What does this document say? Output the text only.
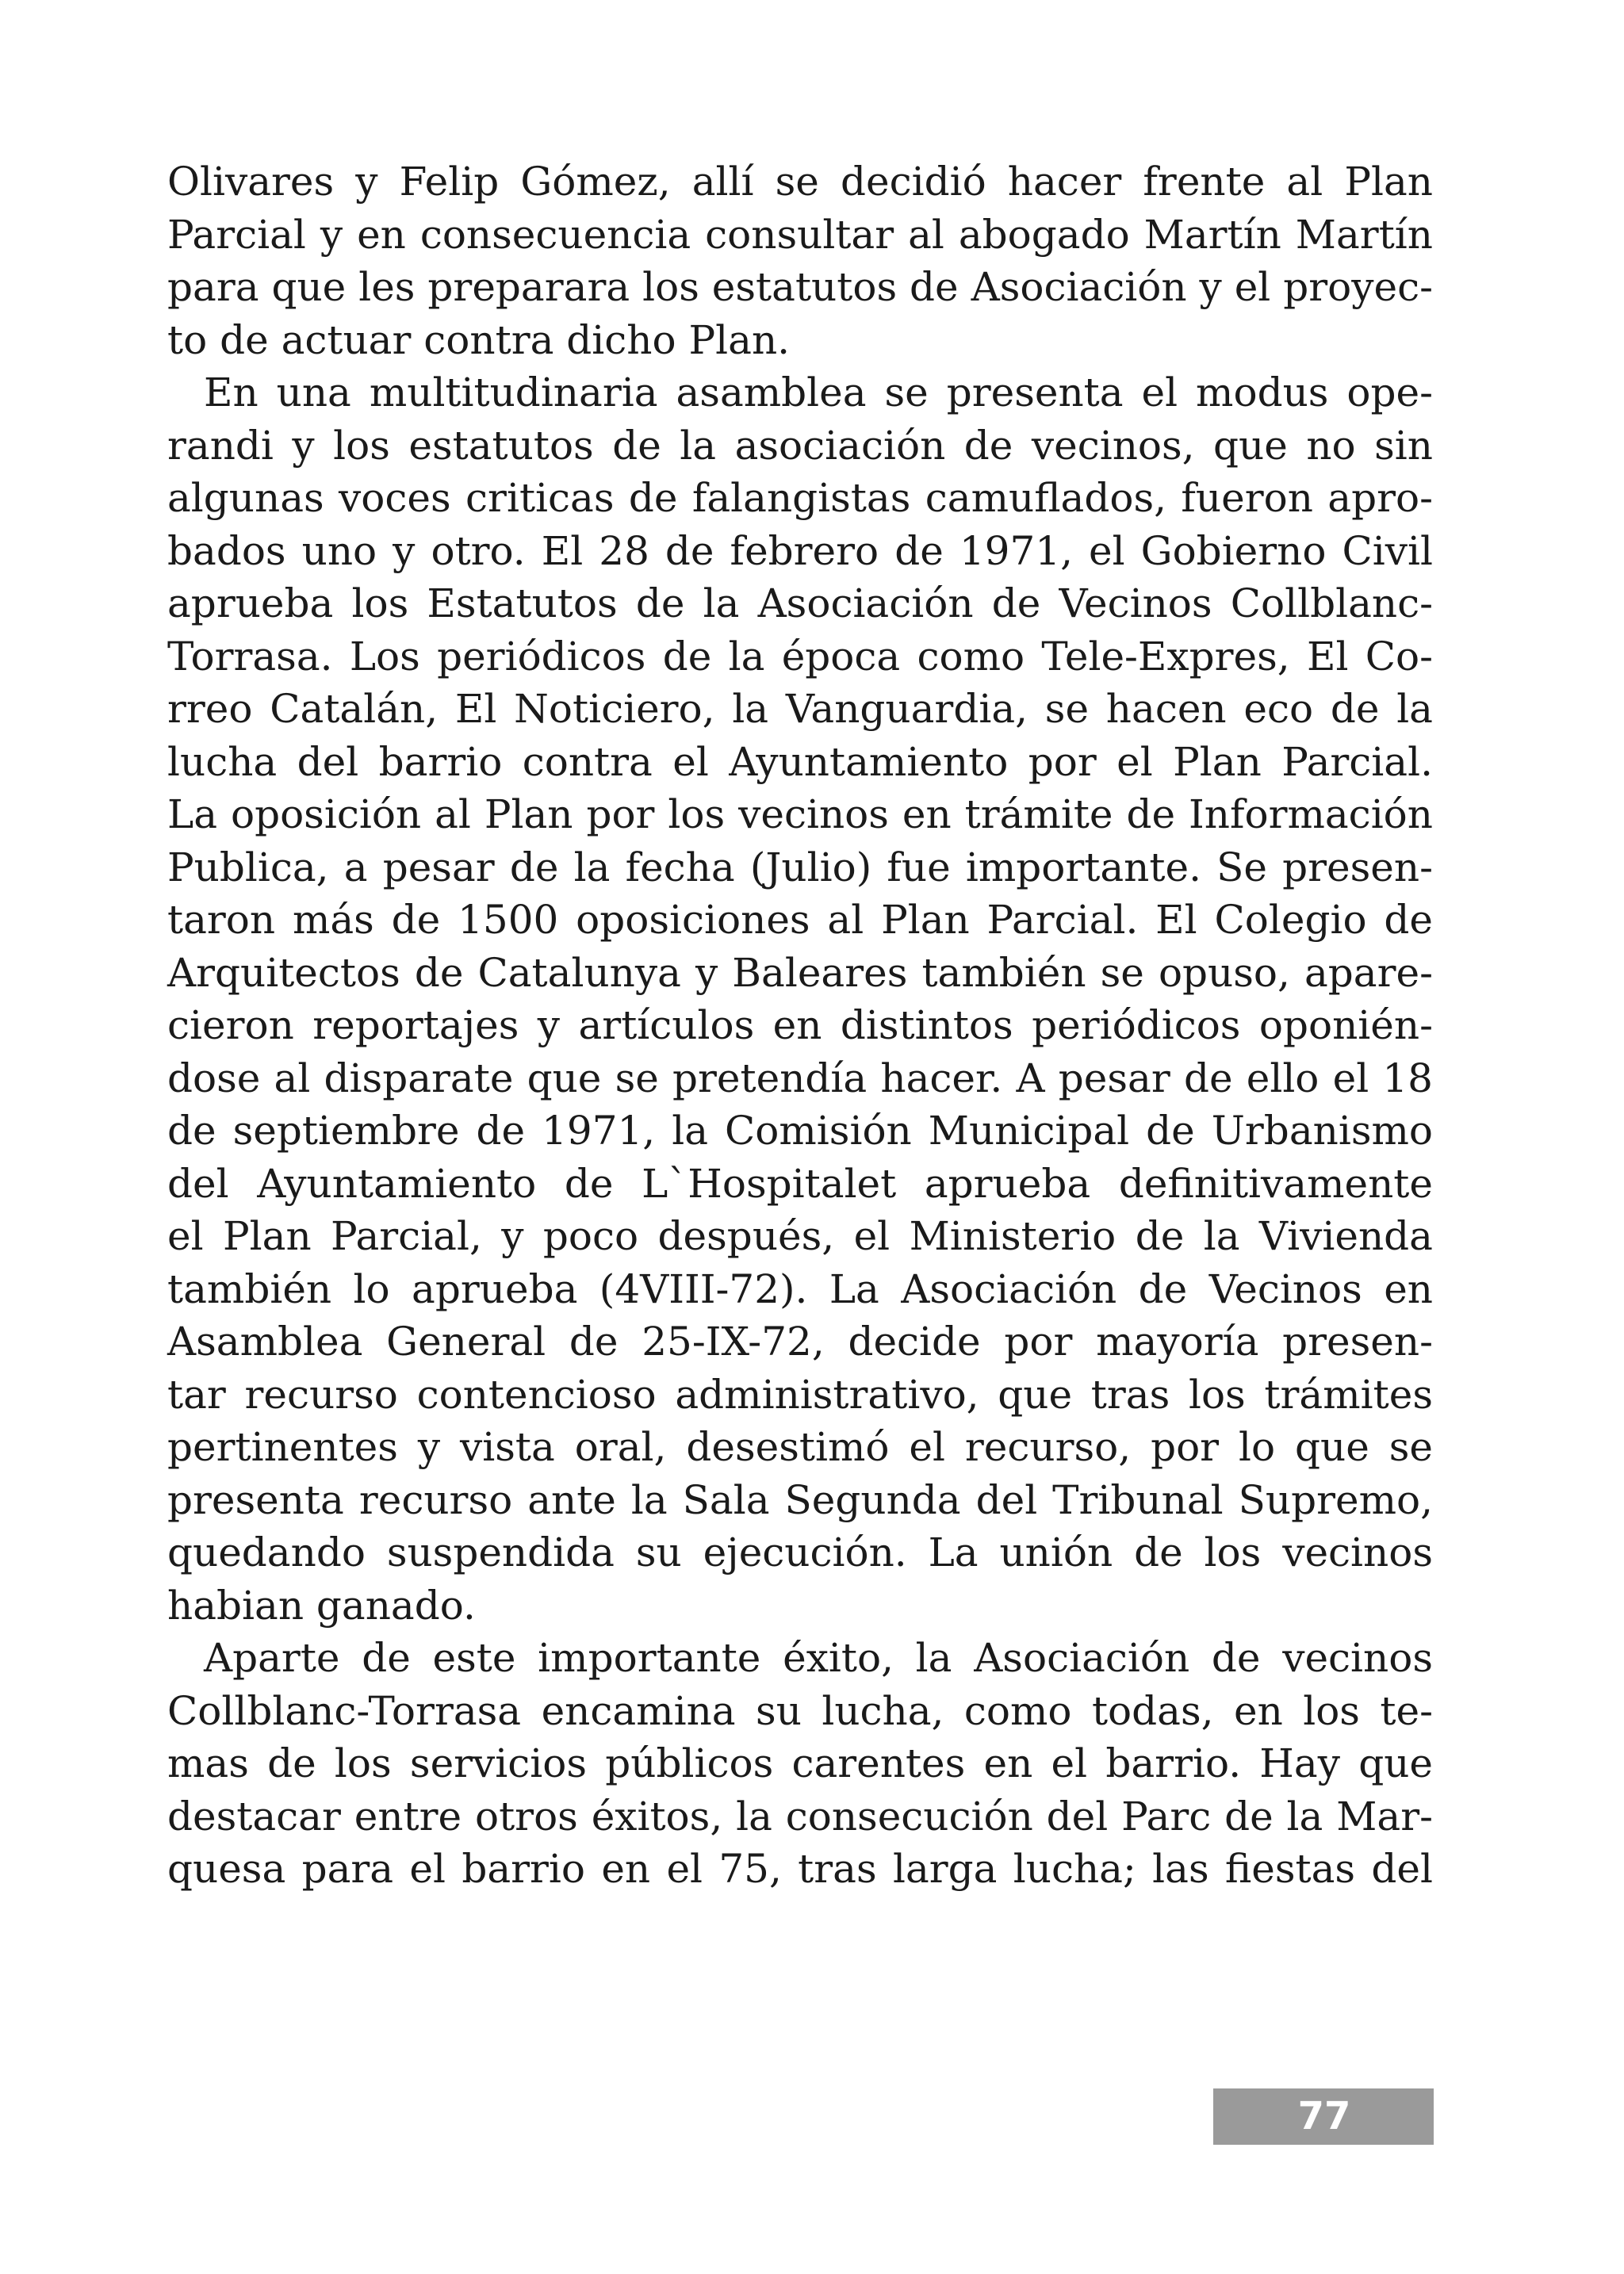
Olivares y Felip Gómez, allí se decidió hacer frente al Plan
Parcial y en consecuencia consultar al abogado Martín Martín
para que les preparara los estatutos de Asociación y el proyec-
to de actuar contra dicho Plan.
En una multitudinaria asamblea se presenta el modus ope-
randi y los estatutos de la asociación de vecinos, que no sin
algunas voces criticas de falangistas camuflados, fueron apro-
bados uno y otro. El 28 de febrero de 1971, el Gobierno Civil
aprueba los Estatutos de la Asociación de Vecinos Collblanc-
Torrasa. Los periódicos de la época como Tele-Expres, El Co-
rreo Catalán, El Noticiero, la Vanguardia, se hacen eco de la
lucha del barrio contra el Ayuntamiento por el Plan Parcial.
La oposición al Plan por los vecinos en trámite de Información
Publica, a pesar de la fecha (Julio) fue importante. Se presen-
taron más de 1500 oposiciones al Plan Parcial. El Colegio de
Arquitectos de Catalunya y Baleares también se opuso, apare-
cieron reportajes y artículos en distintos periódicos oponién-
dose al disparate que se pretendía hacer. A pesar de ello el 18
de septiembre de 1971, la Comisión Municipal de Urbanismo
del Ayuntamiento de L`Hospitalet aprueba definitivamente
el Plan Parcial, y poco después, el Ministerio de la Vivienda
también lo aprueba (4VIII-72). La Asociación de Vecinos en
Asamblea General de 25-IX-72, decide por mayoría presen-
tar recurso contencioso administrativo, que tras los trámites
pertinentes y vista oral, desestimó el recurso, por lo que se
presenta recurso ante la Sala Segunda del Tribunal Supremo,
quedando suspendida su ejecución. La unión de los vecinos
habian ganado.
Aparte de este importante éxito, la Asociación de vecinos
Collblanc-Torrasa encamina su lucha, como todas, en los te-
mas de los servicios públicos carentes en el barrio. Hay que
destacar entre otros éxitos, la consecución del Parc de la Mar-
quesa para el barrio en el 75, tras larga lucha; las fiestas del
77
